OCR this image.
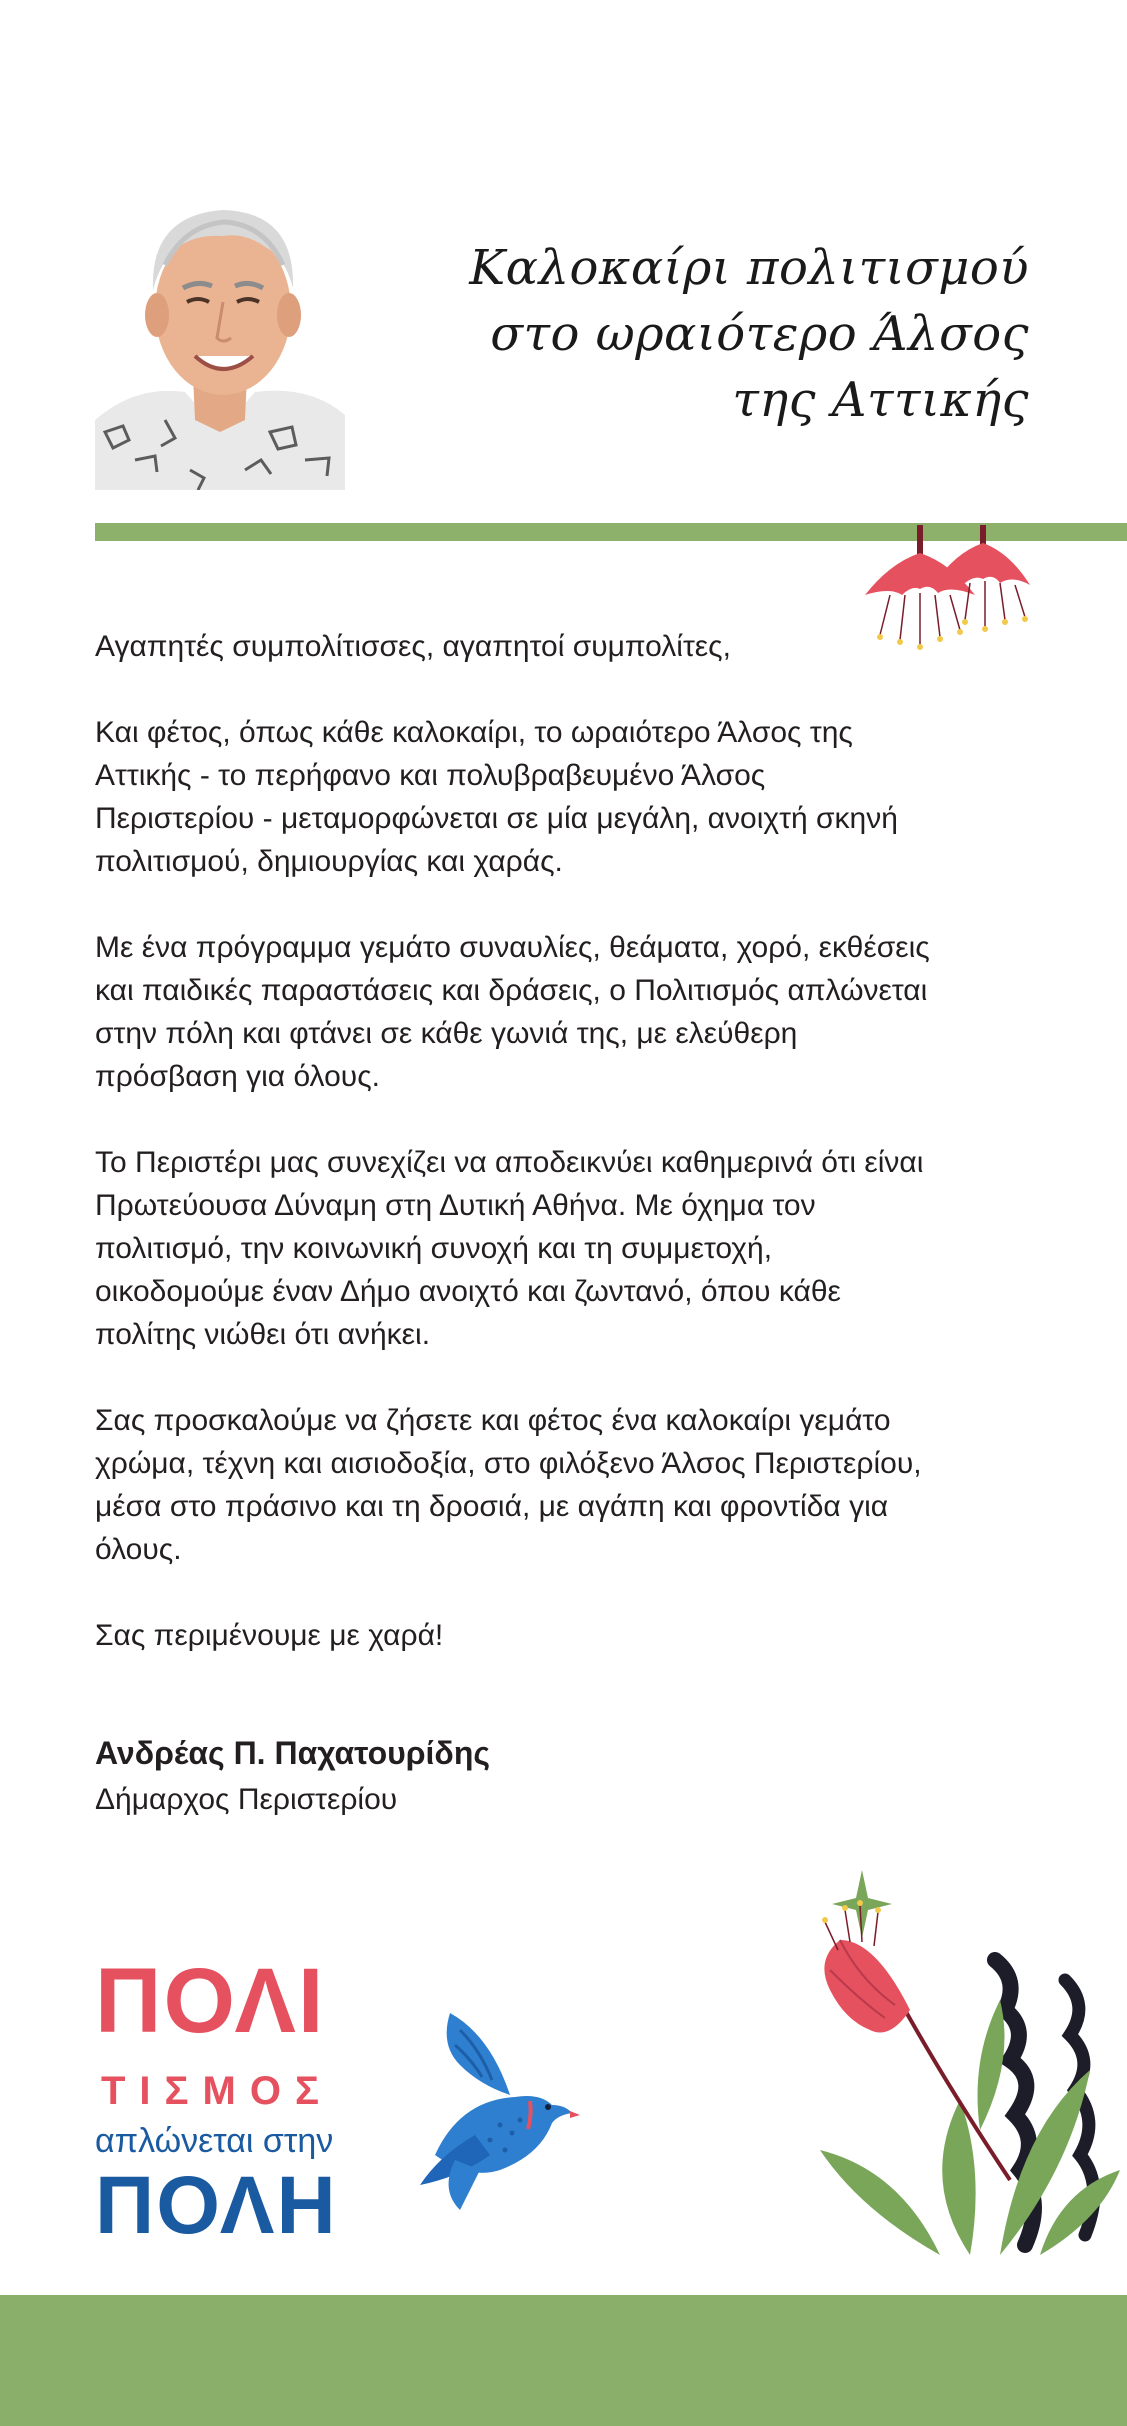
Καλοκαίρι πολιτισμού
στο ωραιότερο Άλσος
της Αττικής

Αγαπητές συμπολίτισσες, αγαπητοί συμπολίτες,

Και φέτος, όπως κάθε καλοκαίρι, το ωραιότερο Άλσος της
Αττικής - το περήφανο και πολυβραβευμένο Άλσος
Περιστερίου - μεταμορφώνεται σε μία μεγάλη, ανοιχτή σκηνή
πολιτισμού, δημιουργίας και χαράς.

Με ένα πρόγραμμα γεμάτο συναυλίες, θεάματα, χορό, εκθέσεις
και παιδικές παραστάσεις και δράσεις, ο Πολιτισμός απλώνεται
στην πόλη και φτάνει σε κάθε γωνιά της, με ελεύθερη
πρόσβαση για όλους.

Το Περιστέρι μας συνεχίζει να αποδεικνύει καθημερινά ότι είναι
Πρωτεύουσα Δύναμη στη Δυτική Αθήνα. Με όχημα τον
πολιτισμό, την κοινωνική συνοχή και τη συμμετοχή,
οικοδομούμε έναν Δήμο ανοιχτό και ζωντανό, όπου κάθε
πολίτης νιώθει ότι ανήκει.

Σας προσκαλούμε να ζήσετε και φέτος ένα καλοκαίρι γεμάτο
χρώμα, τέχνη και αισιοδοξία, στο φιλόξενο Άλσος Περιστερίου,
μέσα στο πράσινο και τη δροσιά, με αγάπη και φροντίδα για
όλους.

Σας περιμένουμε με χαρά!

Ανδρέας Π. Παχατουρίδης
Δήμαρχος Περιστερίου
ΠΟΛΙ
ΤΙΣΜΟΣ
απλώνεται στην
ΠΟΛΗ
